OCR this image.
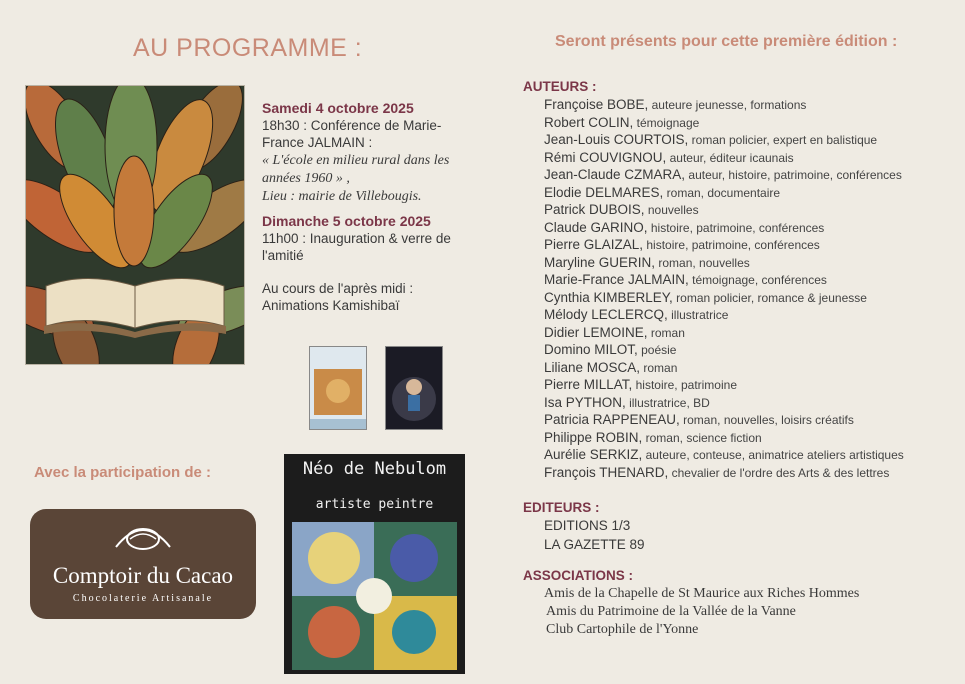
AU PROGRAMME :	Seront présents pour cette première édition :
Samedi 4 octobre 2025
18h30 : Conférence de Marie-France JALMAIN :
« L'école en milieu rural dans les années 1960 » ,
Lieu : mairie de Villebougis.
Dimanche 5 octobre 2025
11h00 : Inauguration & verre de l'amitié
Au cours de l'après midi : Animations Kamishibaï
Avec la participation de :
Comptoir du Cacao
Chocolaterie Artisanale
Néo de Nebulom
artiste peintre
AUTEURS :
Françoise BOBE, auteure jeunesse, formations
Robert COLIN, témoignage
Jean-Louis COURTOIS, roman policier, expert en balistique
Rémi COUVIGNOU, auteur, éditeur icaunais
Jean-Claude CZMARA, auteur, histoire, patrimoine, conférences
Elodie DELMARES, roman, documentaire
Patrick DUBOIS, nouvelles
Claude GARINO, histoire, patrimoine, conférences
Pierre GLAIZAL, histoire, patrimoine, conférences
Maryline GUERIN, roman, nouvelles
Marie-France JALMAIN, témoignage, conférences
Cynthia KIMBERLEY, roman policier, romance & jeunesse
Mélody LECLERCQ, illustratrice
Didier LEMOINE, roman
Domino MILOT, poésie
Liliane MOSCA, roman
Pierre MILLAT, histoire, patrimoine
Isa PYTHON, illustratrice, BD
Patricia RAPPENEAU, roman, nouvelles, loisirs créatifs
Philippe ROBIN, roman, science fiction
Aurélie SERKIZ, auteure, conteuse, animatrice ateliers artistiques
François THENARD, chevalier de l'ordre des Arts & des lettres
EDITEURS :
EDITIONS 1/3
LA GAZETTE 89
ASSOCIATIONS :
Amis de la Chapelle de St Maurice aux Riches Hommes
Amis du Patrimoine de la Vallée de la Vanne
Club Cartophile de l'Yonne
